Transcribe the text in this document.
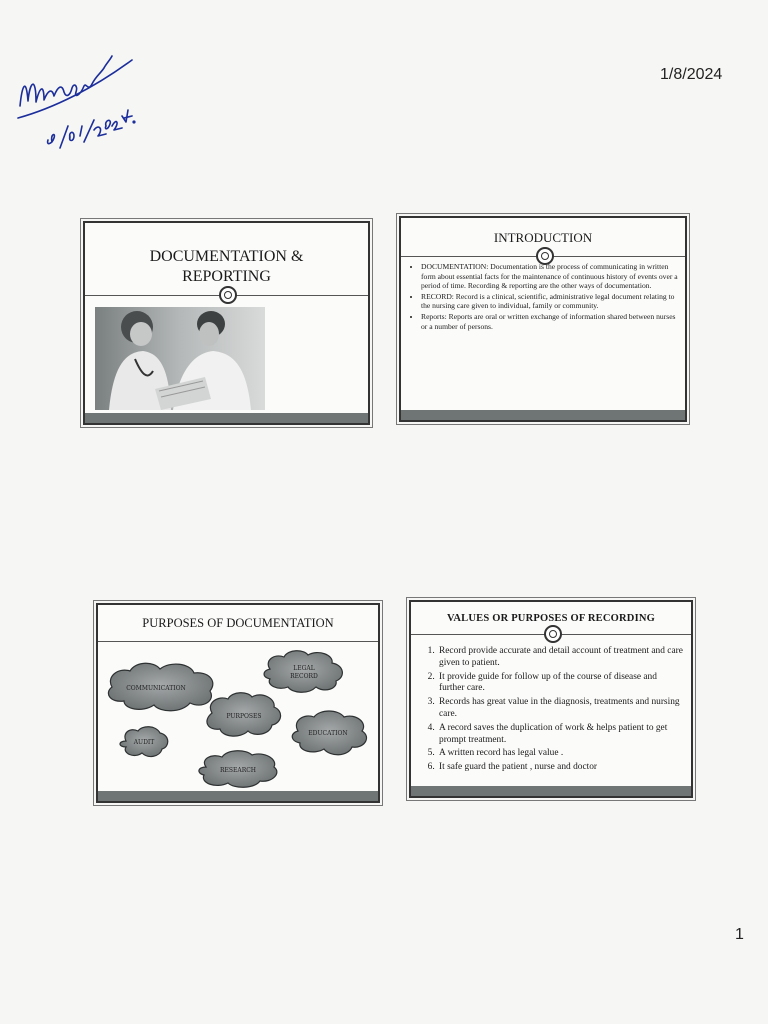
1/8/2024
DOCUMENTATION &
REPORTING
INTRODUCTION
• DOCUMENTATION: Documentation is the process of communicating in written form about essential facts for the maintenance of continuous history of events over a period of time. Recording & reporting are the other ways of documentation.
• RECORD: Record is a clinical, scientific, administrative legal document relating to the nursing care given to individual, family or community.
• Reports: Reports are oral or written exchange of information shared between nurses or a number of persons.
PURPOSES OF DOCUMENTATION
COMMUNICATION
LEGAL
RECORD
PURPOSES
EDUCATION
AUDIT
RESEARCH
VALUES OR PURPOSES OF RECORDING
1. Record provide accurate and detail account of treatment and care given to patient.
2. It provide guide for follow up of the course of disease and further care.
3. Records has great value in the diagnosis, treatments and nursing care.
4. A record saves the duplication of work & helps patient to get prompt treatment.
5. A written record has legal value .
6. It safe guard the patient , nurse and doctor
1
